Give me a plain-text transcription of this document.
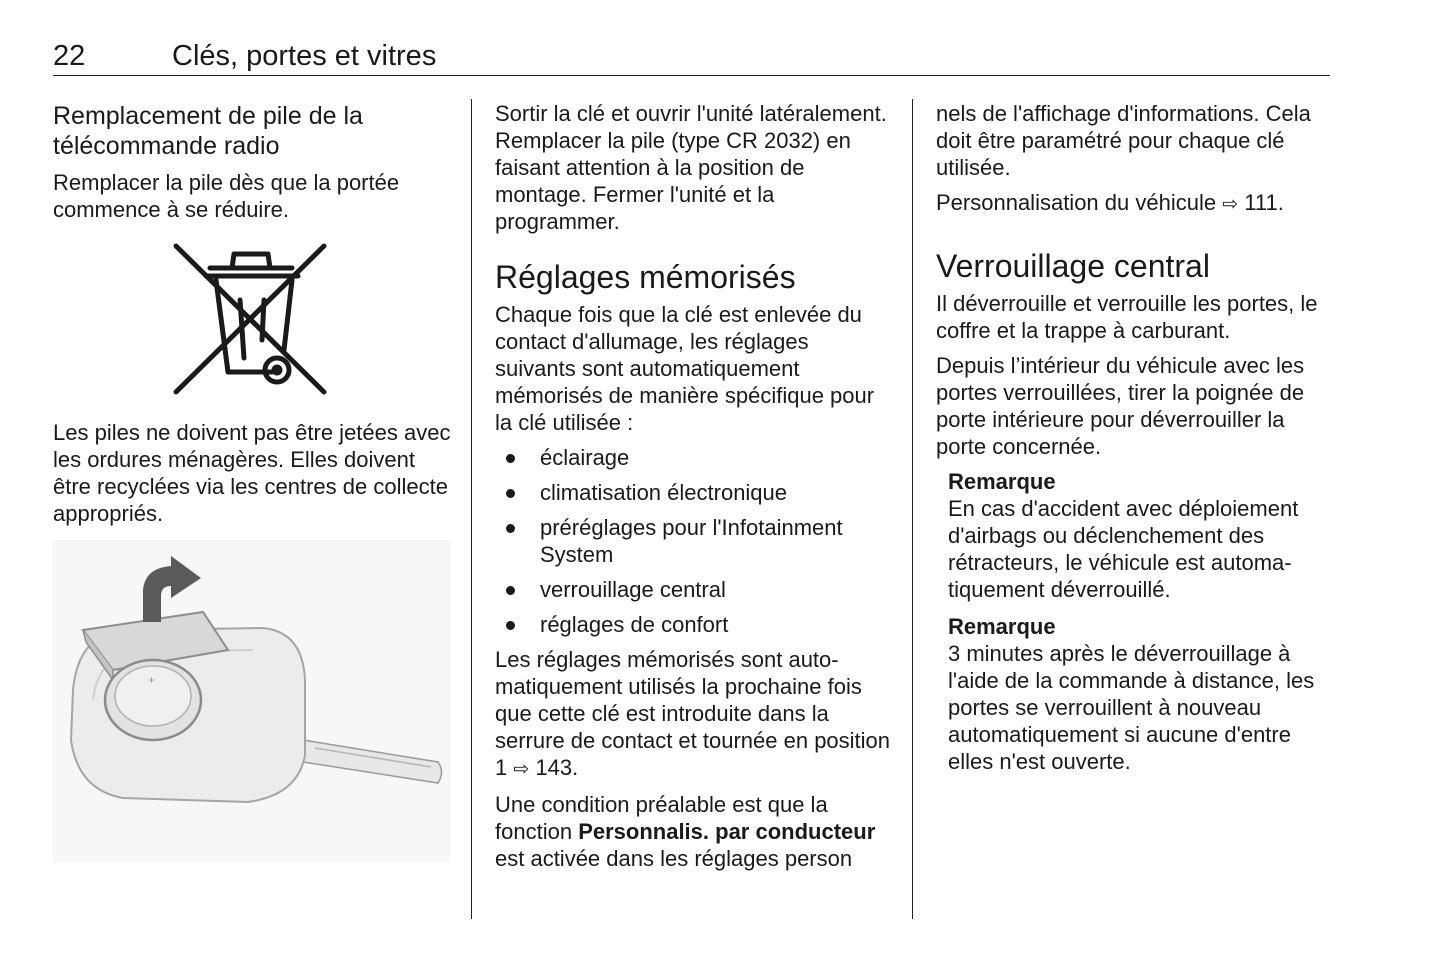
22	Clés, portes et vitres
Remplacement de pile de la télécommande radio

Remplacer la pile dès que la portée commence à se réduire.

Les piles ne doivent pas être jetées avec les ordures ménagères. Elles doivent être recyclées via les centres de collecte appropriés.

+

Sortir la clé et ouvrir l'unité latéralement. Remplacer la pile (type CR 2032) en faisant attention à la position de montage. Fermer l'unité et la programmer.

Réglages mémorisés

Chaque fois que la clé est enlevée du contact d'allumage, les réglages suivants sont automatiquement mémorisés de manière spécifique pour la clé utilisée :

éclairage
climatisation électronique
préréglages pour l'Infotainment System
verrouillage central
réglages de confort

Les réglages mémorisés sont automatiquement utilisés la prochaine fois que cette clé est introduite dans la serrure de contact et tournée en position 1 ⇨ 143.

Une condition préalable est que la fonction Personnalis. par conducteur est activée dans les réglages person

nels de l'affichage d'informations. Cela doit être paramétré pour chaque clé utilisée.

Personnalisation du véhicule ⇨ 111.

Verrouillage central

Il déverrouille et verrouille les portes, le coffre et la trappe à carburant.

Depuis l’intérieur du véhicule avec les portes verrouillées, tirer la poignée de porte intérieure pour déverrouiller la porte concernée.

Remarque
En cas d'accident avec déploiement d'airbags ou déclenchement des rétracteurs, le véhicule est automatiquement déverrouillé.
Remarque
3 minutes après le déverrouillage à l'aide de la commande à distance, les portes se verrouillent à nouveau automatiquement si aucune d'entre elles n'est ouverte.
